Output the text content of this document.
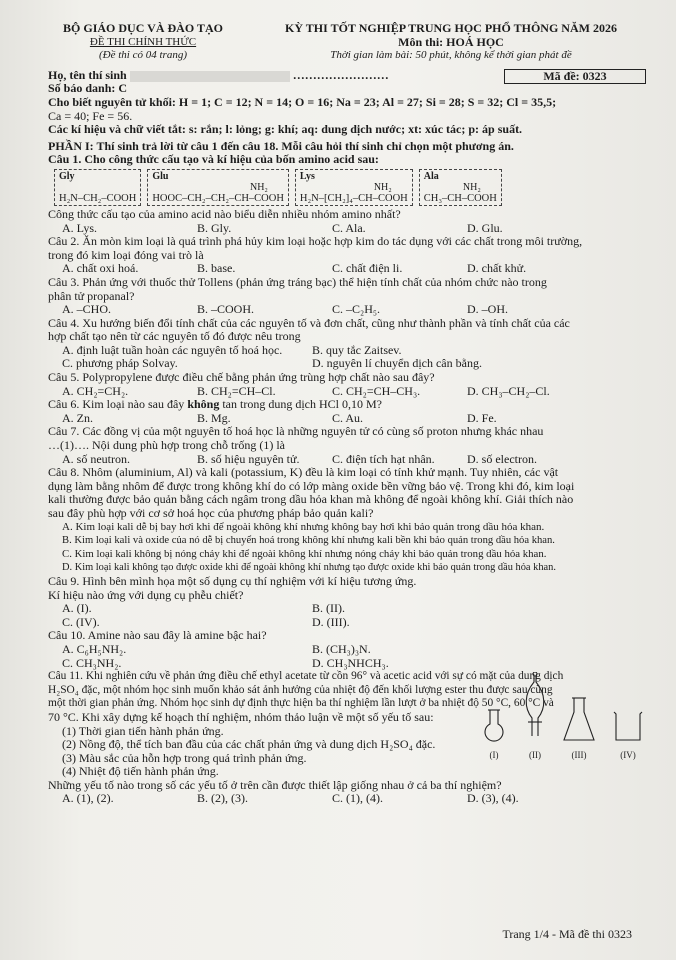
BỘ GIÁO DỤC VÀ ĐÀO TẠO
ĐỀ THI CHÍNH THỨC
(Đề thi có 04 trang)
KỲ THI TỐT NGHIỆP TRUNG HỌC PHỔ THÔNG NĂM 2026
Môn thi: HOÁ HỌC
Thời gian làm bài: 50 phút, không kể thời gian phát đề
Mã đề: 0323
Họ, tên thí sinh	……………………
Số báo danh: C
Cho biết nguyên tử khối: H = 1; C = 12; N = 14; O = 16; Na = 23; Al = 27; Si = 28; S = 32; Cl = 35,5;
Ca = 40; Fe = 56.
Các kí hiệu và chữ viết tắt: s: rắn; l: lỏng; g: khí; aq: dung dịch nước; xt: xúc tác; p: áp suất.
PHẦN I: Thí sinh trả lời từ câu 1 đến câu 18. Mỗi câu hỏi thí sinh chỉ chọn một phương án.
Câu 1. Cho công thức cấu tạo và kí hiệu của bốn amino acid sau:
Gly

H₂N–CH₂–COOH
Glu
NH₂
HOOC–CH₂–CH₂–CH–COOH
Lys
NH₂
H₂N–[CH₂]₄–CH–COOH
Ala
NH₂
CH₃–CH–COOH
Công thức cấu tạo của amino acid nào biểu diễn nhiều nhóm amino nhất?
A. Lys.	B. Gly.	C. Ala.	D. Glu.
Câu 2. Ăn mòn kim loại là quá trình phá hủy kim loại hoặc hợp kim do tác dụng với các chất trong môi trường,
trong đó kim loại đóng vai trò là
A. chất oxi hoá.	B. base.	C. chất điện li.	D. chất khử.
Câu 3. Phản ứng với thuốc thử Tollens (phản ứng tráng bạc) thể hiện tính chất của nhóm chức nào trong
phân tử propanal?
A. –CHO.	B. –COOH.	C. –C₂H₅.	D. –OH.
Câu 4. Xu hướng biến đổi tính chất của các nguyên tố và đơn chất, cũng như thành phần và tính chất của các
hợp chất tạo nên từ các nguyên tố đó được nêu trong
A. định luật tuần hoàn các nguyên tố hoá học.	B. quy tắc Zaitsev.
C. phương pháp Solvay.	D. nguyên lí chuyển dịch cân bằng.
Câu 5. Polypropylene được điều chế bằng phản ứng trùng hợp chất nào sau đây?
A. CH₂=CH₂.	B. CH₂=CH–Cl.	C. CH₂=CH–CH₃.	D. CH₃–CH₂–Cl.
Câu 6. Kim loại nào sau đây không tan trong dung dịch HCl 0,10 M?
A. Zn.	B. Mg.	C. Au.	D. Fe.
Câu 7. Các đồng vị của một nguyên tố hoá học là những nguyên tử có cùng số proton nhưng khác nhau
…(1)…. Nội dung phù hợp trong chỗ trống (1) là
A. số neutron.	B. số hiệu nguyên tử.	C. điện tích hạt nhân.	D. số electron.
Câu 8. Nhôm (aluminium, Al) và kali (potassium, K) đều là kim loại có tính khử mạnh. Tuy nhiên, các vật
dụng làm bằng nhôm để được trong không khí do có lớp màng oxide bền vững bảo vệ. Trong khi đó, kim loại
kali thường được bảo quản bằng cách ngâm trong dầu hỏa khan mà không để ngoài không khí. Giải thích nào
sau đây phù hợp với cơ sở hoá học của phương pháp bảo quản kali?
A. Kim loại kali dễ bị bay hơi khi để ngoài không khí nhưng không bay hơi khi bảo quản trong dầu hỏa khan.
B. Kim loại kali và oxide của nó dễ bị chuyển hoá trong không khí nhưng kali bền khi bảo quản trong dầu hỏa khan.
C. Kim loại kali không bị nóng chảy khi để ngoài không khí nhưng nóng chảy khi bảo quản trong dầu hỏa khan.
D. Kim loại kali không tạo được oxide khi để ngoài không khí nhưng tạo được oxide khi bảo quản trong dầu hỏa khan.
Câu 9. Hình bên mình họa một số dụng cụ thí nghiệm với kí hiệu tương ứng.
Kí hiệu nào ứng với dụng cụ phễu chiết?
A. (I).	B. (II).
C. (IV).	D. (III).
Câu 10. Amine nào sau đây là amine bậc hai?
A. C₆H₅NH₂.	B. (CH₃)₃N.
C. CH₃NH₂.	D. CH₃NHCH₃.
Câu 11. Khi nghiên cứu về phản ứng điều chế ethyl acetate từ cồn 96° và acetic acid với sự có mặt của dung dịch
H₂SO₄ đặc, một nhóm học sinh muốn khảo sát ảnh hưởng của nhiệt độ đến khối lượng ester thu được sau cùng
một thời gian phản ứng. Nhóm học sinh dự định thực hiện ba thí nghiệm lần lượt ở ba nhiệt độ 50 °C, 60 °C và
70 °C. Khi xây dựng kế hoạch thí nghiệm, nhóm thảo luận về một số yếu tố sau:
(1) Thời gian tiến hành phản ứng.
(2) Nồng độ, thể tích ban đầu của các chất phản ứng và dung dịch H₂SO₄ đặc.
(3) Màu sắc của hỗn hợp trong quá trình phản ứng.
(4) Nhiệt độ tiến hành phản ứng.
Những yếu tố nào trong số các yếu tố ở trên cần được thiết lập giống nhau ở cả ba thí nghiệm?
A. (1), (2).	B. (2), (3).	C. (1), (4).	D. (3), (4).
(I)	(II)	(III)	(IV)
Trang 1/4 - Mã đề thi 0323
